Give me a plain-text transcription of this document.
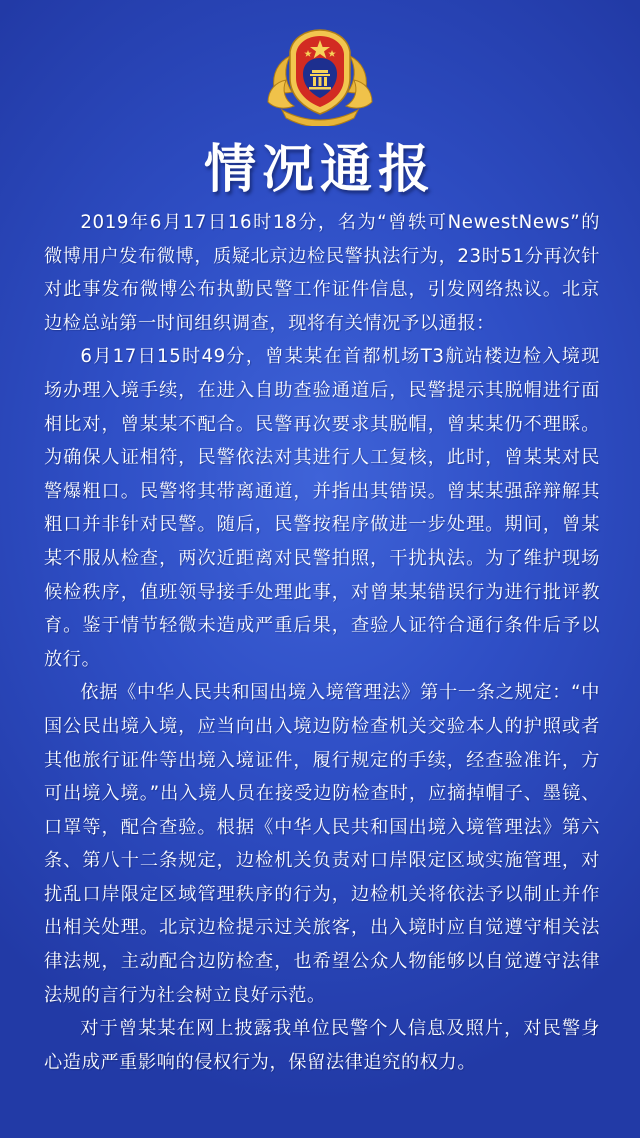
情况通报

2019年6月17日16时18分，名为“曾轶可NewestNews”的微博用户发布微博，质疑北京边检民警执法行为，23时51分再次针对此事发布微博公布执勤民警工作证件信息，引发网络热议。北京边检总站第一时间组织调查，现将有关情况予以通报：

6月17日15时49分，曾某某在首都机场T3航站楼边检入境现场办理入境手续，在进入自助查验通道后，民警提示其脱帽进行面相比对，曾某某不配合。民警再次要求其脱帽，曾某某仍不理睬。为确保人证相符，民警依法对其进行人工复核，此时，曾某某对民警爆粗口。民警将其带离通道，并指出其错误。曾某某强辞辩解其粗口并非针对民警。随后，民警按程序做进一步处理。期间，曾某某不服从检查，两次近距离对民警拍照，干扰执法。为了维护现场候检秩序，值班领导接手处理此事，对曾某某错误行为进行批评教育。鉴于情节轻微未造成严重后果，查验人证符合通行条件后予以放行。

依据《中华人民共和国出境入境管理法》第十一条之规定：“中国公民出境入境，应当向出入境边防检查机关交验本人的护照或者其他旅行证件等出境入境证件，履行规定的手续，经查验准许，方可出境入境。”出入境人员在接受边防检查时，应摘掉帽子、墨镜、口罩等，配合查验。根据《中华人民共和国出境入境管理法》第六条、第八十二条规定，边检机关负责对口岸限定区域实施管理，对扰乱口岸限定区域管理秩序的行为，边检机关将依法予以制止并作出相关处理。北京边检提示过关旅客，出入境时应自觉遵守相关法律法规，主动配合边防检查，也希望公众人物能够以自觉遵守法律法规的言行为社会树立良好示范。

对于曾某某在网上披露我单位民警个人信息及照片，对民警身心造成严重影响的侵权行为，保留法律追究的权力。
